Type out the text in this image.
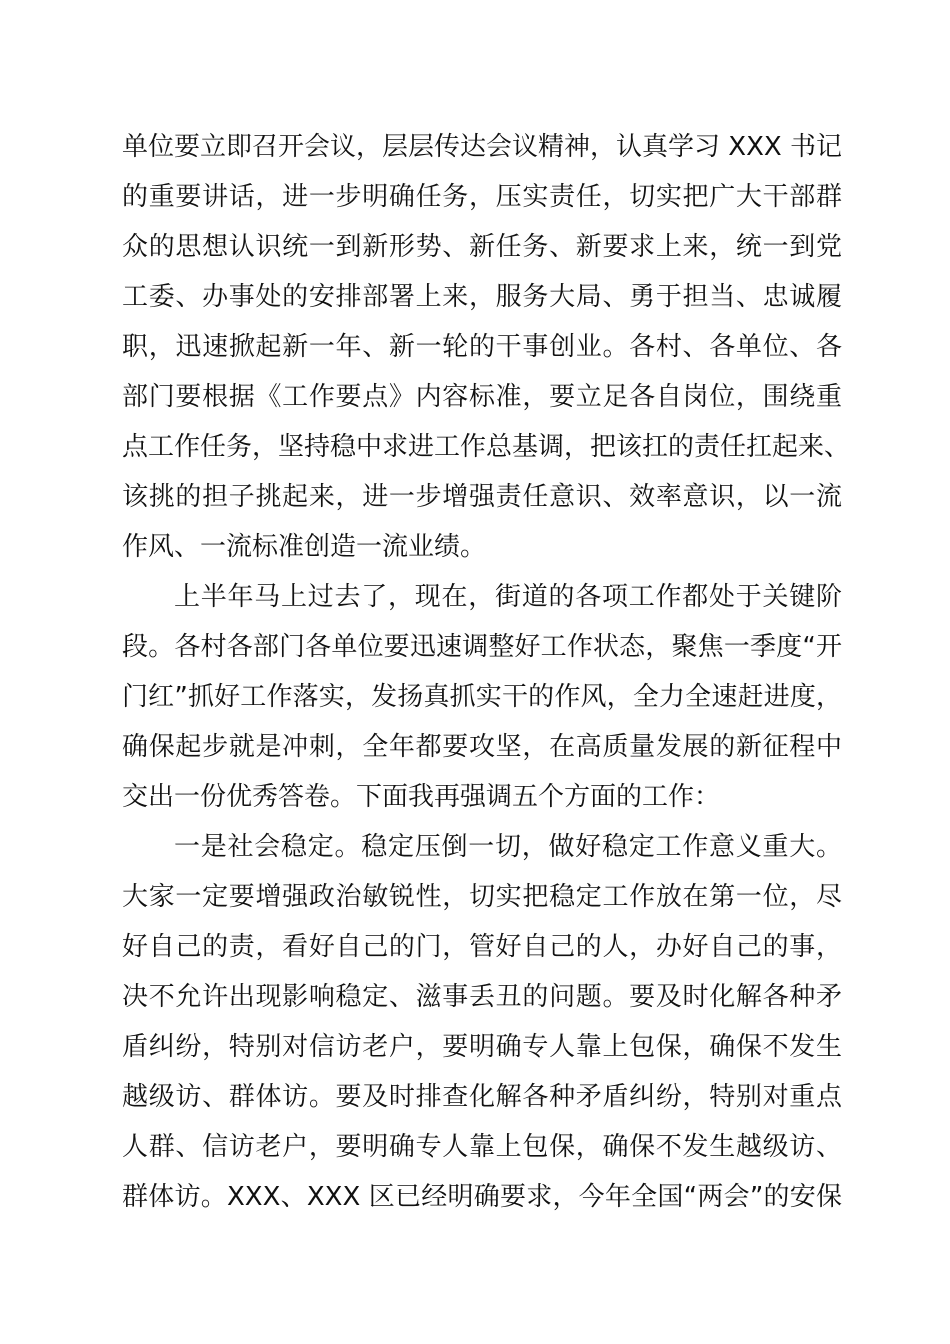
单位要立即召开会议，层层传达会议精神，认真学习 XXX 书记
的重要讲话，进一步明确任务，压实责任，切实把广大干部群
众的思想认识统一到新形势、新任务、新要求上来，统一到党
工委、办事处的安排部署上来，服务大局、勇于担当、忠诚履
职，迅速掀起新一年、新一轮的干事创业。各村、各单位、各
部门要根据《工作要点》内容标准，要立足各自岗位，围绕重
点工作任务，坚持稳中求进工作总基调，把该扛的责任扛起来、
该挑的担子挑起来，进一步增强责任意识、效率意识，以一流
作风、一流标准创造一流业绩。
上半年马上过去了，现在，街道的各项工作都处于关键阶
段。各村各部门各单位要迅速调整好工作状态，聚焦一季度“开
门红”抓好工作落实，发扬真抓实干的作风，全力全速赶进度，
确保起步就是冲刺，全年都要攻坚，在高质量发展的新征程中
交出一份优秀答卷。下面我再强调五个方面的工作：
一是社会稳定。稳定压倒一切，做好稳定工作意义重大。
大家一定要增强政治敏锐性，切实把稳定工作放在第一位，尽
好自己的责，看好自己的门，管好自己的人，办好自己的事，
决不允许出现影响稳定、滋事丢丑的问题。要及时化解各种矛
盾纠纷，特别对信访老户，要明确专人靠上包保，确保不发生
越级访、群体访。要及时排查化解各种矛盾纠纷，特别对重点
人群、信访老户，要明确专人靠上包保，确保不发生越级访、
群体访。XXX、XXX 区已经明确要求，今年全国“两会”的安保
